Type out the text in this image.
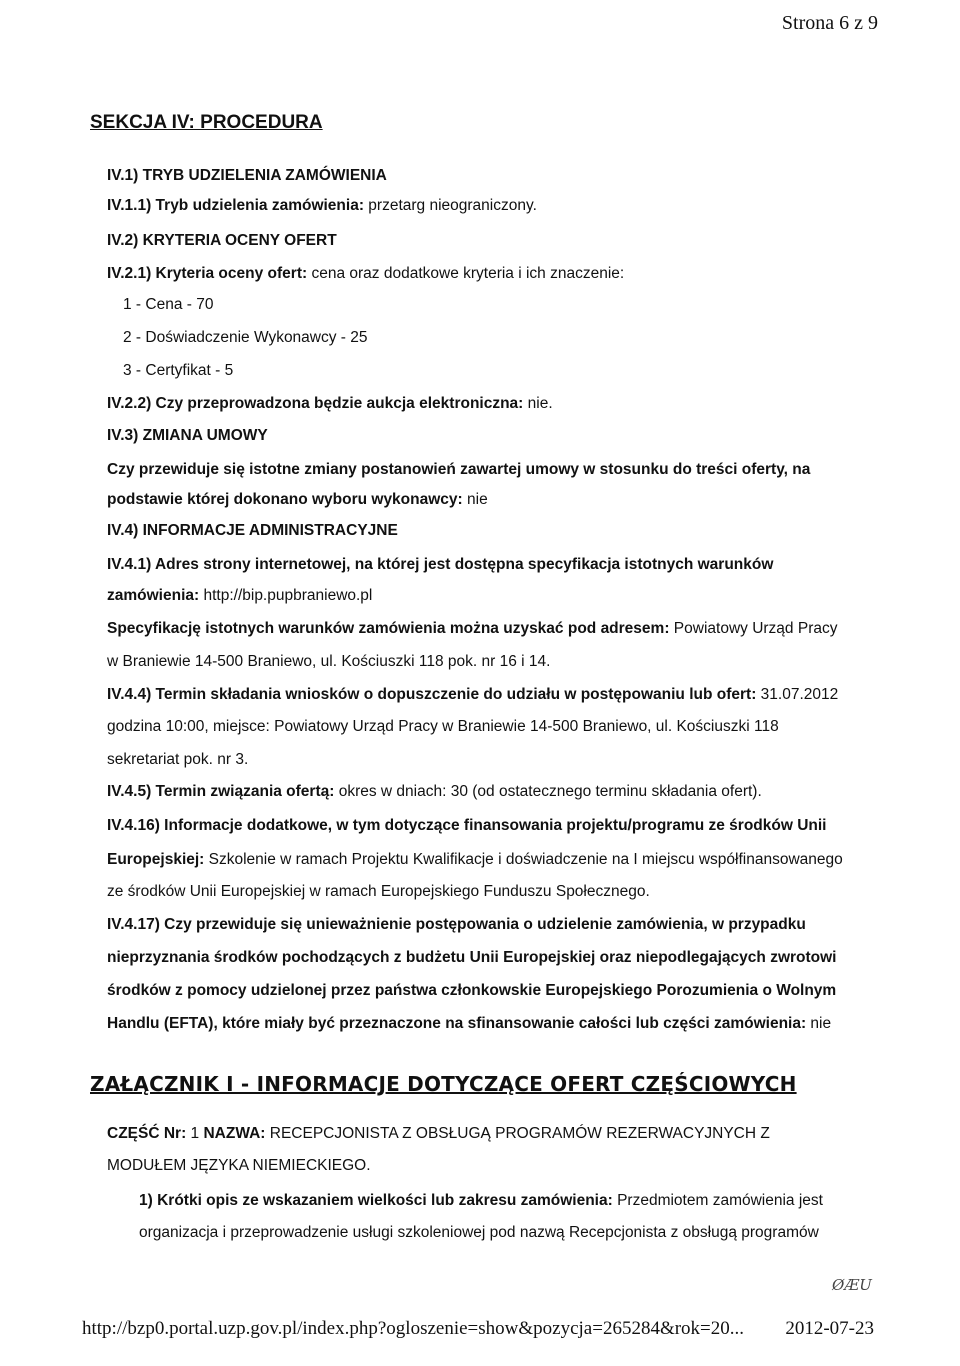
Strona 6 z 9
SEKCJA IV: PROCEDURA
IV.1) TRYB UDZIELENIA ZAMÓWIENIA
IV.1.1) Tryb udzielenia zamówienia: przetarg nieograniczony.
IV.2) KRYTERIA OCENY OFERT
IV.2.1) Kryteria oceny ofert: cena oraz dodatkowe kryteria i ich znaczenie:
1 - Cena - 70
2 - Doświadczenie Wykonawcy - 25
3 - Certyfikat - 5
IV.2.2) Czy przeprowadzona będzie aukcja elektroniczna: nie.
IV.3) ZMIANA UMOWY
Czy przewiduje się istotne zmiany postanowień zawartej umowy w stosunku do treści oferty, na
podstawie której dokonano wyboru wykonawcy: nie
IV.4) INFORMACJE ADMINISTRACYJNE
IV.4.1) Adres strony internetowej, na której jest dostępna specyfikacja istotnych warunków
zamówienia: http://bip.pupbraniewo.pl
Specyfikację istotnych warunków zamówienia można uzyskać pod adresem: Powiatowy Urząd Pracy
w Braniewie 14-500 Braniewo, ul. Kościuszki 118 pok. nr 16 i 14.
IV.4.4) Termin składania wniosków o dopuszczenie do udziału w postępowaniu lub ofert: 31.07.2012
godzina 10:00, miejsce: Powiatowy Urząd Pracy w Braniewie 14-500 Braniewo, ul. Kościuszki 118
sekretariat pok. nr 3.
IV.4.5) Termin związania ofertą: okres w dniach: 30 (od ostatecznego terminu składania ofert).
IV.4.16) Informacje dodatkowe, w tym dotyczące finansowania projektu/programu ze środków Unii
Europejskiej: Szkolenie w ramach Projektu Kwalifikacje i doświadczenie na I miejscu współfinansowanego
ze środków Unii Europejskiej w ramach Europejskiego Funduszu Społecznego.
IV.4.17) Czy przewiduje się unieważnienie postępowania o udzielenie zamówienia, w przypadku
nieprzyznania środków pochodzących z budżetu Unii Europejskiej oraz niepodlegających zwrotowi
środków z pomocy udzielonej przez państwa członkowskie Europejskiego Porozumienia o Wolnym
Handlu (EFTA), które miały być przeznaczone na sfinansowanie całości lub części zamówienia: nie
ZAŁĄCZNIK I - INFORMACJE DOTYCZĄCE OFERT CZĘŚCIOWYCH
CZĘŚĆ Nr: 1 NAZWA: RECEPCJONISTA Z OBSŁUGĄ PROGRAMÓW REZERWACYJNYCH Z
MODUŁEM JĘZYKA NIEMIECKIEGO.
1) Krótki opis ze wskazaniem wielkości lub zakresu zamówienia: Przedmiotem zamówienia jest
organizacja i przeprowadzenie usługi szkoleniowej pod nazwą Recepcjonista z obsługą programów
ØÆU
http://bzp0.portal.uzp.gov.pl/index.php?ogloszenie=show&pozycja=265284&rok=20... 2012-07-23
